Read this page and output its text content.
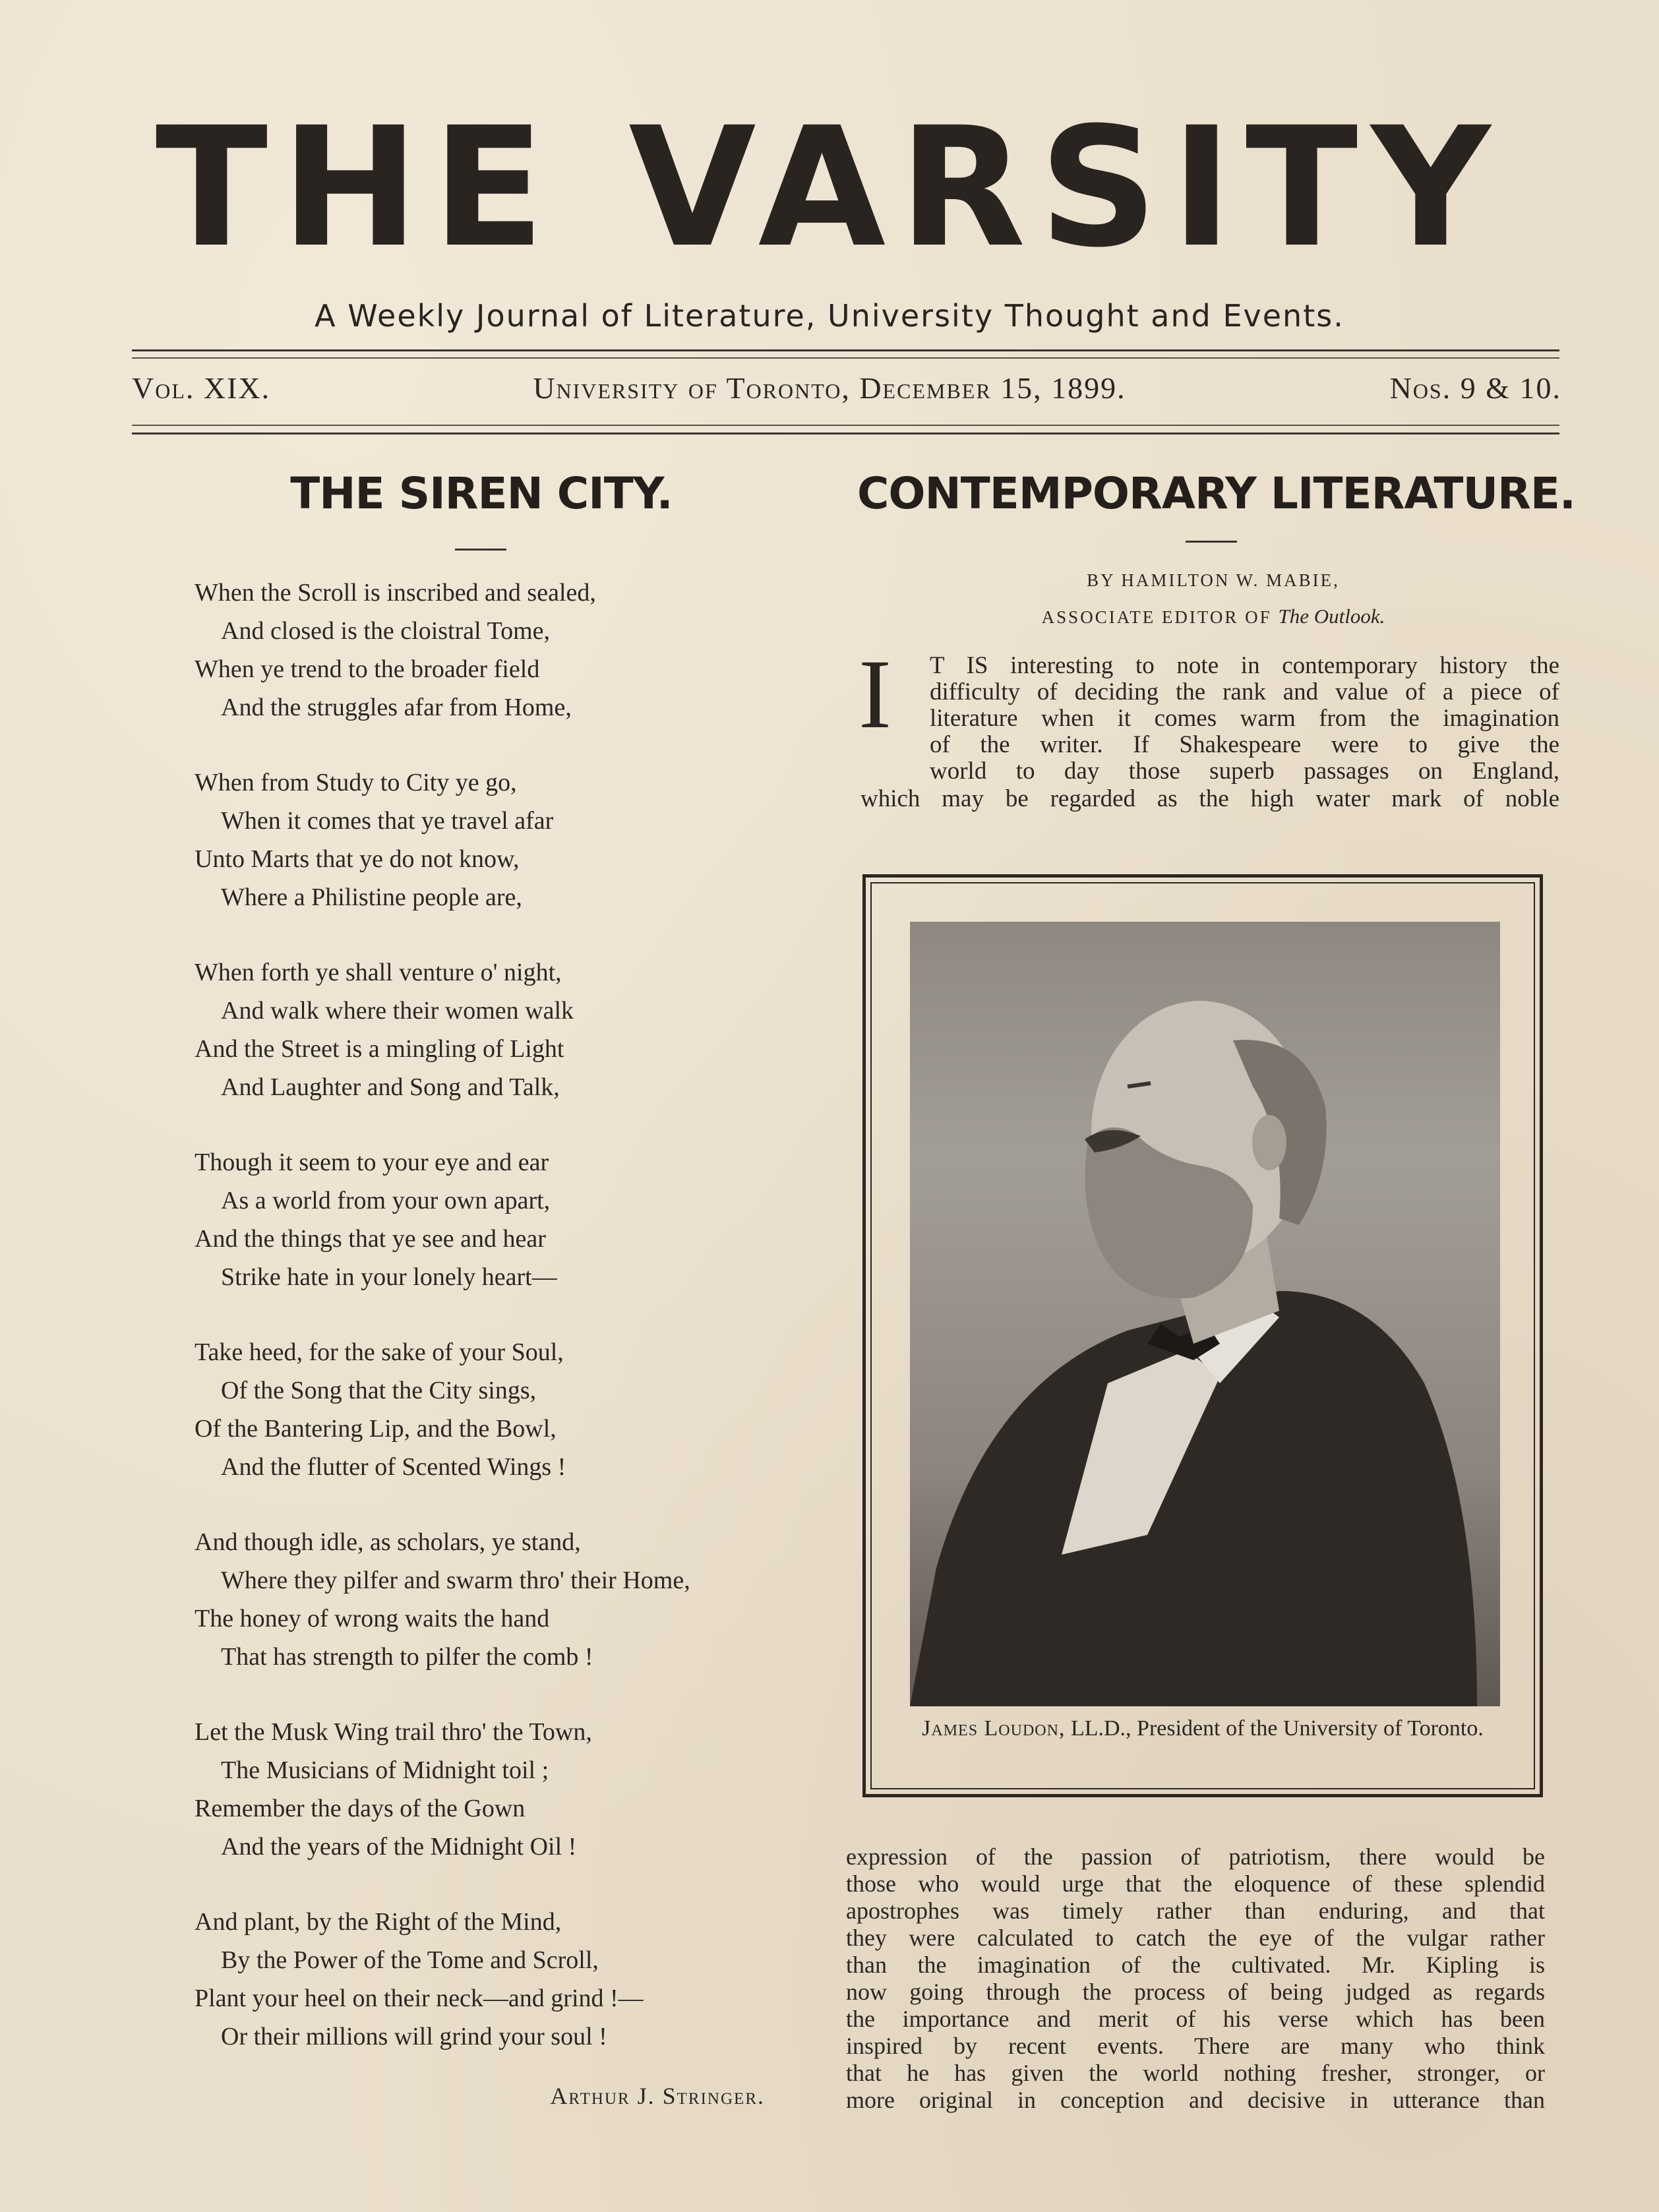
THE VARSITY
A Weekly Journal of Literature, University Thought and Events.
Vol. XIX.	University of Toronto, December 15, 1899.	Nos. 9 & 10.
THE SIREN CITY.
When the Scroll is inscribed and sealed,
And closed is the cloistral Tome,
When ye trend to the broader field
And the struggles afar from Home,
When from Study to City ye go,
When it comes that ye travel afar
Unto Marts that ye do not know,
Where a Philistine people are,
When forth ye shall venture o' night,
And walk where their women walk
And the Street is a mingling of Light
And Laughter and Song and Talk,
Though it seem to your eye and ear
As a world from your own apart,
And the things that ye see and hear
Strike hate in your lonely heart—
Take heed, for the sake of your Soul,
Of the Song that the City sings,
Of the Bantering Lip, and the Bowl,
And the flutter of Scented Wings !
And though idle, as scholars, ye stand,
Where they pilfer and swarm thro' their Home,
The honey of wrong waits the hand
That has strength to pilfer the comb !
Let the Musk Wing trail thro' the Town,
The Musicians of Midnight toil ;
Remember the days of the Gown
And the years of the Midnight Oil !
And plant, by the Right of the Mind,
By the Power of the Tome and Scroll,
Plant your heel on their neck—and grind !—
Or their millions will grind your soul !
Arthur J. Stringer.
CONTEMPORARY LITERATURE.
BY HAMILTON W. MABIE,
ASSOCIATE EDITOR OF The Outlook.
I T IS interesting to note in contemporary history the
difficulty of deciding the rank and value of a piece of
literature when it comes warm from the imagination
of the writer. If Shakespeare were to give the
world to day those superb passages on England,
which may be regarded as the high water mark of noble
James Loudon, LL.D., President of the University of Toronto.
expression of the passion of patriotism, there would be
those who would urge that the eloquence of these splendid
apostrophes was timely rather than enduring, and that
they were calculated to catch the eye of the vulgar rather
than the imagination of the cultivated. Mr. Kipling is
now going through the process of being judged as regards
the importance and merit of his verse which has been
inspired by recent events. There are many who think
that he has given the world nothing fresher, stronger, or
more original in conception and decisive in utterance than
